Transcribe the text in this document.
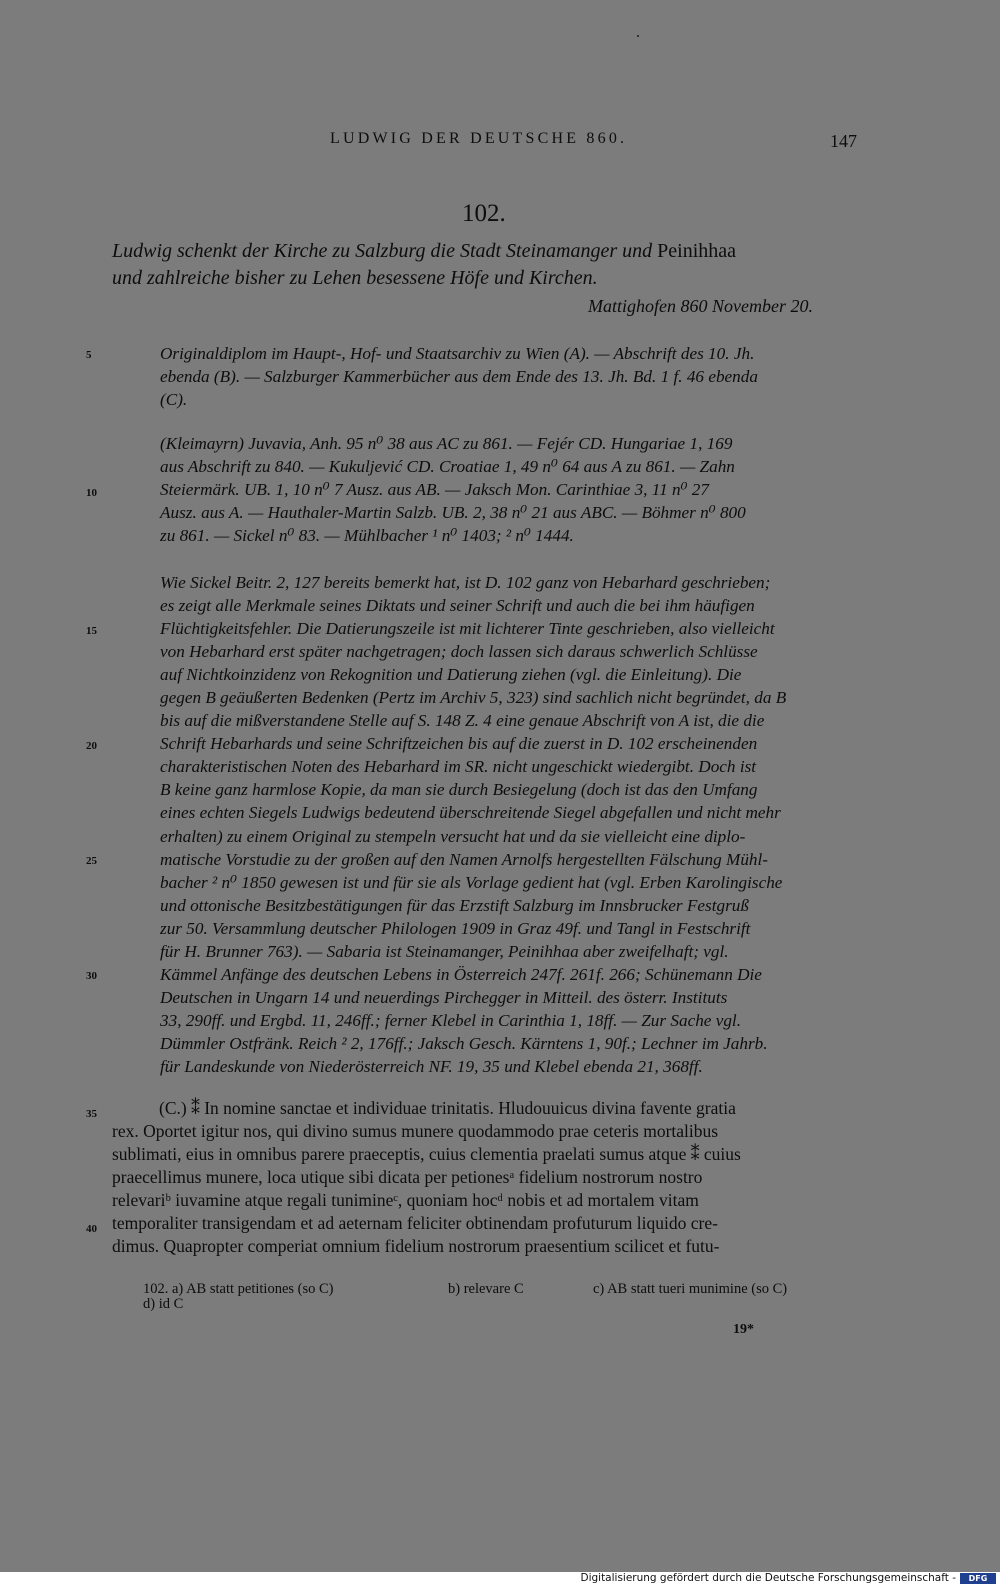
LUDWIG DER DEUTSCHE 860.	147
102.
Ludwig schenkt der Kirche zu Salzburg die Stadt Steinamanger und Peinihhaa
und zahlreiche bisher zu Lehen besessene Höfe und Kirchen.
Mattighofen 860 November 20.
Originaldiplom im Haupt-, Hof- und Staatsarchiv zu Wien (A). — Abschrift des 10. Jh.
ebenda (B). — Salzburger Kammerbücher aus dem Ende des 13. Jh. Bd. 1 f. 46 ebenda
(C).
(Kleimayrn) Juvavia, Anh. 95 n⁰ 38 aus AC zu 861. — Fejér CD. Hungariae 1, 169
aus Abschrift zu 840. — Kukuljević CD. Croatiae 1, 49 n⁰ 64 aus A zu 861. — Zahn
Steiermärk. UB. 1, 10 n⁰ 7 Ausz. aus AB. — Jaksch Mon. Carinthiae 3, 11 n⁰ 27
Ausz. aus A. — Hauthaler-Martin Salzb. UB. 2, 38 n⁰ 21 aus ABC. — Böhmer n⁰ 800
zu 861. — Sickel n⁰ 83. — Mühlbacher ¹ n⁰ 1403; ² n⁰ 1444.
Wie Sickel Beitr. 2, 127 bereits bemerkt hat, ist D. 102 ganz von Hebarhard geschrieben;
es zeigt alle Merkmale seines Diktats und seiner Schrift und auch die bei ihm häufigen
Flüchtigkeitsfehler. Die Datierungszeile ist mit lichterer Tinte geschrieben, also vielleicht
von Hebarhard erst später nachgetragen; doch lassen sich daraus schwerlich Schlüsse
auf Nichtkoinzidenz von Rekognition und Datierung ziehen (vgl. die Einleitung). Die
gegen B geäußerten Bedenken (Pertz im Archiv 5, 323) sind sachlich nicht begründet, da B
bis auf die mißverstandene Stelle auf S. 148 Z. 4 eine genaue Abschrift von A ist, die die
Schrift Hebarhards und seine Schriftzeichen bis auf die zuerst in D. 102 erscheinenden
charakteristischen Noten des Hebarhard im SR. nicht ungeschickt wiedergibt. Doch ist
B keine ganz harmlose Kopie, da man sie durch Besiegelung (doch ist das den Umfang
eines echten Siegels Ludwigs bedeutend überschreitende Siegel abgefallen und nicht mehr
erhalten) zu einem Original zu stempeln versucht hat und da sie vielleicht eine diplo-
matische Vorstudie zu der großen auf den Namen Arnolfs hergestellten Fälschung Mühl-
bacher ² n⁰ 1850 gewesen ist und für sie als Vorlage gedient hat (vgl. Erben Karolingische
und ottonische Besitzbestätigungen für das Erzstift Salzburg im Innsbrucker Festgruß
zur 50. Versammlung deutscher Philologen 1909 in Graz 49f. und Tangl in Festschrift
für H. Brunner 763). — Sabaria ist Steinamanger, Peinihhaa aber zweifelhaft; vgl.
Kämmel Anfänge des deutschen Lebens in Österreich 247f. 261f. 266; Schünemann Die
Deutschen in Ungarn 14 und neuerdings Pirchegger in Mitteil. des österr. Instituts
33, 290ff. und Ergbd. 11, 246ff.; ferner Klebel in Carinthia 1, 18ff. — Zur Sache vgl.
Dümmler Ostfränk. Reich ² 2, 176ff.; Jaksch Gesch. Kärntens 1, 90f.; Lechner im Jahrb.
für Landeskunde von Niederösterreich NF. 19, 35 und Klebel ebenda 21, 368ff.
(C.) ⁑ In nomine sanctae et individuae trinitatis. Hludouuicus divina favente gratia
rex. Oportet igitur nos, qui divino sumus munere quodammodo prae ceteris mortalibus
sublimati, eius in omnibus parere praeceptis, cuius clementia praelati sumus atque ⁑ cuius
praecellimus munere, loca utique sibi dicata per petionesᵃ fidelium nostrorum nostro
relevariᵇ iuvamine atque regali tunimineᶜ, quoniam hocᵈ nobis et ad mortalem vitam
temporaliter transigendam et ad aeternam feliciter obtinendam profuturum liquido cre-
dimus. Quapropter comperiat omnium fidelium nostrorum praesentium scilicet et futu-
5
10
15
20
25
30
35
40
102. a) AB statt petitiones (so C)	b) relevare C	c) AB statt tueri munimine (so C)
d) id C
19*
Digitalisierung gefördert durch die Deutsche Forschungsgemeinschaft -	DFG
